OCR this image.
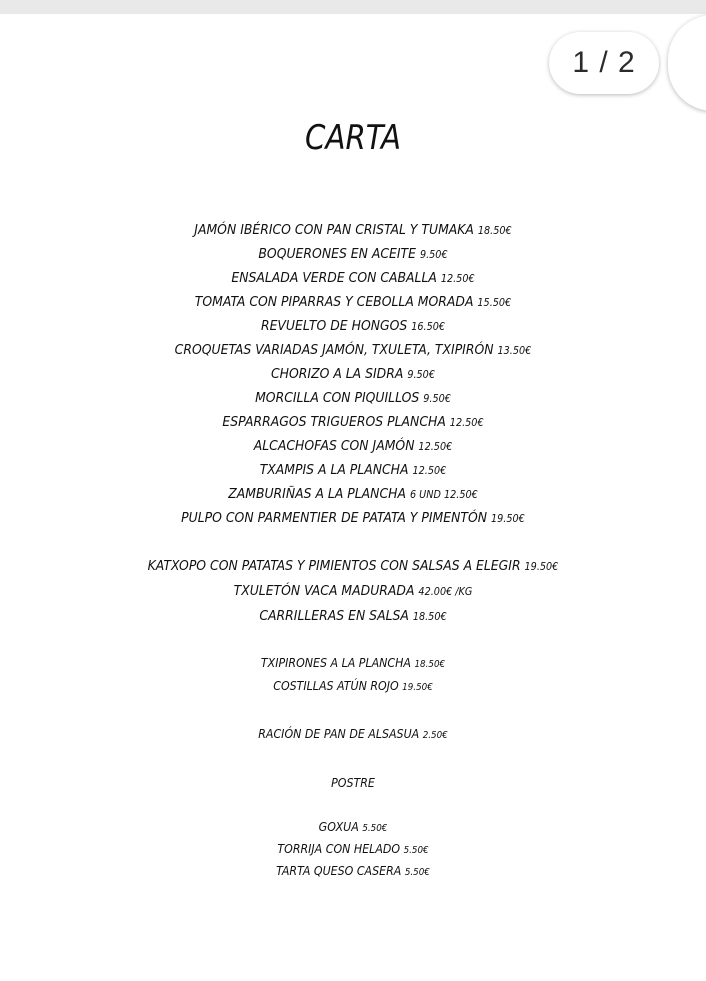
CARTA
JAMÓN IBÉRICO CON PAN CRISTAL Y TUMAKA 18.50€
BOQUERONES EN ACEITE 9.50€
ENSALADA VERDE CON CABALLA 12.50€
TOMATA CON PIPARRAS Y CEBOLLA MORADA 15.50€
REVUELTO DE HONGOS 16.50€
CROQUETAS VARIADAS JAMÓN, TXULETA, TXIPIRÓN 13.50€
CHORIZO A LA SIDRA 9.50€
MORCILLA CON PIQUILLOS 9.50€
ESPARRAGOS TRIGUEROS PLANCHA 12.50€
ALCACHOFAS CON JAMÓN 12.50€
TXAMPIS A LA PLANCHA 12.50€
ZAMBURIÑAS A LA PLANCHA 6 UND 12.50€
PULPO CON PARMENTIER DE PATATA Y PIMENTÓN 19.50€
KATXOPO CON PATATAS Y PIMIENTOS CON SALSAS A ELEGIR 19.50€
TXULETÓN VACA MADURADA 42.00€ /KG
CARRILLERAS EN SALSA 18.50€
TXIPIRONES A LA PLANCHA 18.50€
COSTILLAS ATÚN ROJO 19.50€
RACIÓN DE PAN DE ALSASUA 2.50€
POSTRE
GOXUA 5.50€
TORRIJA CON HELADO 5.50€
TARTA QUESO CASERA 5.50€
1 / 2
